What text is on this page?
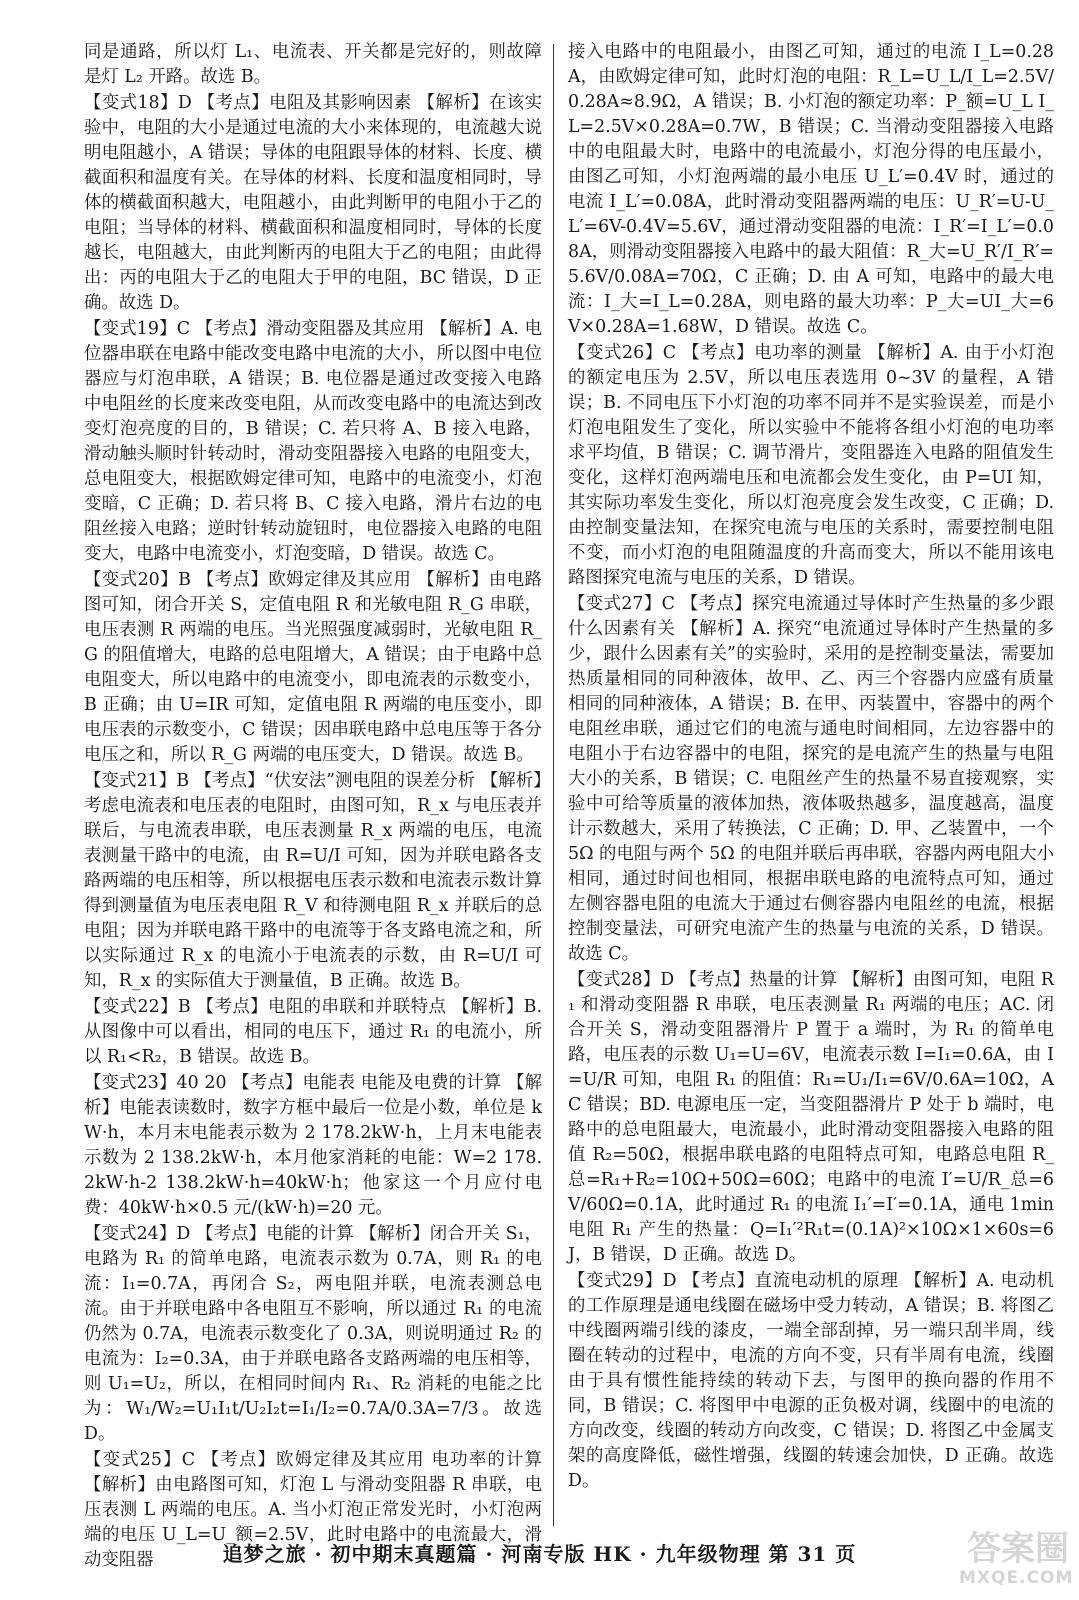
同是通路，所以灯 L₁、电流表、开关都是完好的，则故障是灯 L₂ 开路。故选 B。

【变式18】D 【考点】电阻及其影响因素 【解析】在该实验中，电阻的大小是通过电流的大小来体现的，电流越大说明电阻越小，A 错误；导体的电阻跟导体的材料、长度、横截面积和温度有关。在导体的材料、长度和温度相同时，导体的横截面积越大，电阻越小，由此判断甲的电阻小于乙的电阻；当导体的材料、横截面积和温度相同时，导体的长度越长，电阻越大，由此判断丙的电阻大于乙的电阻；由此得出：丙的电阻大于乙的电阻大于甲的电阻，BC 错误，D 正确。故选 D。

【变式19】C 【考点】滑动变阻器及其应用 【解析】A. 电位器串联在电路中能改变电路中电流的大小，所以图中电位器应与灯泡串联，A 错误；B. 电位器是通过改变接入电路中电阻丝的长度来改变电阻，从而改变电路中的电流达到改变灯泡亮度的目的，B 错误；C. 若只将 A、B 接入电路，滑动触头顺时针转动时，滑动变阻器接入电路的电阻变大，总电阻变大，根据欧姆定律可知，电路中的电流变小，灯泡变暗，C 正确；D. 若只将 B、C 接入电路，滑片右边的电阻丝接入电路；逆时针转动旋钮时，电位器接入电路的电阻变大，电路中电流变小，灯泡变暗，D 错误。故选 C。

【变式20】B 【考点】欧姆定律及其应用 【解析】由电路图可知，闭合开关 S，定值电阻 R 和光敏电阻 R_G 串联，电压表测 R 两端的电压。当光照强度减弱时，光敏电阻 R_G 的阻值增大，电路的总电阻增大，A 错误；由于电路中总电阻变大，所以电路中的电流变小，即电流表的示数变小，B 正确；由 U=IR 可知，定值电阻 R 两端的电压变小，即电压表的示数变小，C 错误；因串联电路中总电压等于各分电压之和，所以 R_G 两端的电压变大，D 错误。故选 B。

【变式21】B 【考点】“伏安法”测电阻的误差分析 【解析】考虑电流表和电压表的电阻时，由图可知，R_x 与电压表并联后，与电流表串联，电压表测量 R_x 两端的电压，电流表测量干路中的电流，由 R=U/I 可知，因为并联电路各支路两端的电压相等，所以根据电压表示数和电流表示数计算得到测量值为电压表电阻 R_V 和待测电阻 R_x 并联后的总电阻；因为并联电路干路中的电流等于各支路电流之和，所以实际通过 R_x 的电流小于电流表的示数，由 R=U/I 可知，R_x 的实际值大于测量值，B 正确。故选 B。

【变式22】B 【考点】电阻的串联和并联特点 【解析】B. 从图像中可以看出，相同的电压下，通过 R₁ 的电流小，所以 R₁<R₂，B 错误。故选 B。

【变式23】40 20 【考点】电能表 电能及电费的计算 【解析】电能表读数时，数字方框中最后一位是小数，单位是 kW·h，本月末电能表示数为 2 178.2kW·h，上月末电能表示数为 2 138.2kW·h，本月他家消耗的电能：W=2 178.2kW·h-2 138.2kW·h=40kW·h；他家这一个月应付电费：40kW·h×0.5 元/(kW·h)=20 元。

【变式24】D 【考点】电能的计算 【解析】闭合开关 S₁，电路为 R₁ 的简单电路，电流表示数为 0.7A，则 R₁ 的电流：I₁=0.7A，再闭合 S₂，两电阻并联，电流表测总电流。由于并联电路中各电阻互不影响，所以通过 R₁ 的电流仍然为 0.7A，电流表示数变化了 0.3A，则说明通过 R₂ 的电流为：I₂=0.3A，由于并联电路各支路两端的电压相等，则 U₁=U₂，所以，在相同时间内 R₁、R₂ 消耗的电能之比为：W₁/W₂=U₁I₁t/U₂I₂t=I₁/I₂=0.7A/0.3A=7/3。故选 D。

【变式25】C 【考点】欧姆定律及其应用 电功率的计算 【解析】由电路图可知，灯泡 L 与滑动变阻器 R 串联，电压表测 L 两端的电压。A. 当小灯泡正常发光时，小灯泡两端的电压 U_L=U_额=2.5V，此时电路中的电流最大，滑动变阻器

接入电路中的电阻最小，由图乙可知，通过的电流 I_L=0.28A，由欧姆定律可知，此时灯泡的电阻：R_L=U_L/I_L=2.5V/0.28A≈8.9Ω，A 错误；B. 小灯泡的额定功率：P_额=U_L I_L=2.5V×0.28A=0.7W，B 错误；C. 当滑动变阻器接入电路中的电阻最大时，电路中的电流最小，灯泡分得的电压最小，由图乙可知，小灯泡两端的最小电压 U_L′=0.4V 时，通过的电流 I_L′=0.08A，此时滑动变阻器两端的电压：U_R′=U-U_L′=6V-0.4V=5.6V，通过滑动变阻器的电流：I_R′=I_L′=0.08A，则滑动变阻器接入电路中的最大阻值：R_大=U_R′/I_R′=5.6V/0.08A=70Ω，C 正确；D. 由 A 可知，电路中的最大电流：I_大=I_L=0.28A，则电路的最大功率：P_大=UI_大=6V×0.28A=1.68W，D 错误。故选 C。

【变式26】C 【考点】电功率的测量 【解析】A. 由于小灯泡的额定电压为 2.5V，所以电压表选用 0~3V 的量程，A 错误；B. 不同电压下小灯泡的功率不同并不是实验误差，而是小灯泡电阻发生了变化，所以实验中不能将各组小灯泡的电功率求平均值，B 错误；C. 调节滑片，变阻器连入电路的阻值发生变化，这样灯泡两端电压和电流都会发生变化，由 P=UI 知，其实际功率发生变化，所以灯泡亮度会发生改变，C 正确；D. 由控制变量法知，在探究电流与电压的关系时，需要控制电阻不变，而小灯泡的电阻随温度的升高而变大，所以不能用该电路图探究电流与电压的关系，D 错误。

【变式27】C 【考点】探究电流通过导体时产生热量的多少跟什么因素有关 【解析】A. 探究“电流通过导体时产生热量的多少，跟什么因素有关”的实验时，采用的是控制变量法，需要加热质量相同的同种液体，故甲、乙、丙三个容器内应盛有质量相同的同种液体，A 错误；B. 在甲、丙装置中，容器中的两个电阻丝串联，通过它们的电流与通电时间相同，左边容器中的电阻小于右边容器中的电阻，探究的是电流产生的热量与电阻大小的关系，B 错误；C. 电阻丝产生的热量不易直接观察，实验中可给等质量的液体加热，液体吸热越多，温度越高，温度计示数越大，采用了转换法，C 正确；D. 甲、乙装置中，一个 5Ω 的电阻与两个 5Ω 的电阻并联后再串联，容器内两电阻大小相同，通过时间也相同，根据串联电路的电流特点可知，通过左侧容器电阻的电流大于通过右侧容器内电阻丝的电流，根据控制变量法，可研究电流产生的热量与电流的关系，D 错误。故选 C。

【变式28】D 【考点】热量的计算 【解析】由图可知，电阻 R₁ 和滑动变阻器 R 串联，电压表测量 R₁ 两端的电压；AC. 闭合开关 S，滑动变阻器滑片 P 置于 a 端时，为 R₁ 的简单电路，电压表的示数 U₁=U=6V，电流表示数 I=I₁=0.6A，由 I=U/R 可知，电阻 R₁ 的阻值：R₁=U₁/I₁=6V/0.6A=10Ω，AC 错误；BD. 电源电压一定，当变阻器滑片 P 处于 b 端时，电路中的总电阻最大，电流最小，此时滑动变阻器接入电路的阻值 R₂=50Ω，根据串联电路的电阻特点可知，电路总电阻 R_总=R₁+R₂=10Ω+50Ω=60Ω；电路中的电流 I′=U/R_总=6V/60Ω=0.1A，此时通过 R₁ 的电流 I₁′=I′=0.1A，通电 1min 电阻 R₁ 产生的热量：Q=I₁′²R₁t=(0.1A)²×10Ω×1×60s=6J，B 错误，D 正确。故选 D。

【变式29】D 【考点】直流电动机的原理 【解析】A. 电动机的工作原理是通电线圈在磁场中受力转动，A 错误；B. 将图乙中线圈两端引线的漆皮，一端全部刮掉，另一端只刮半周，线圈在转动的过程中，电流的方向不变，只有半周有电流，线圈由于具有惯性能持续的转动下去，与图甲的换向器的作用不同，B 错误；C. 将图甲中电源的正负极对调，线圈中的电流的方向改变，线圈的转动方向改变，C 错误；D. 将图乙中金属支架的高度降低，磁性增强，线圈的转速会加快，D 正确。故选 D。

追梦之旅 · 初中期末真题篇 · 河南专版 HK · 九年级物理 第 31 页	答案圈
MXQE.COM
